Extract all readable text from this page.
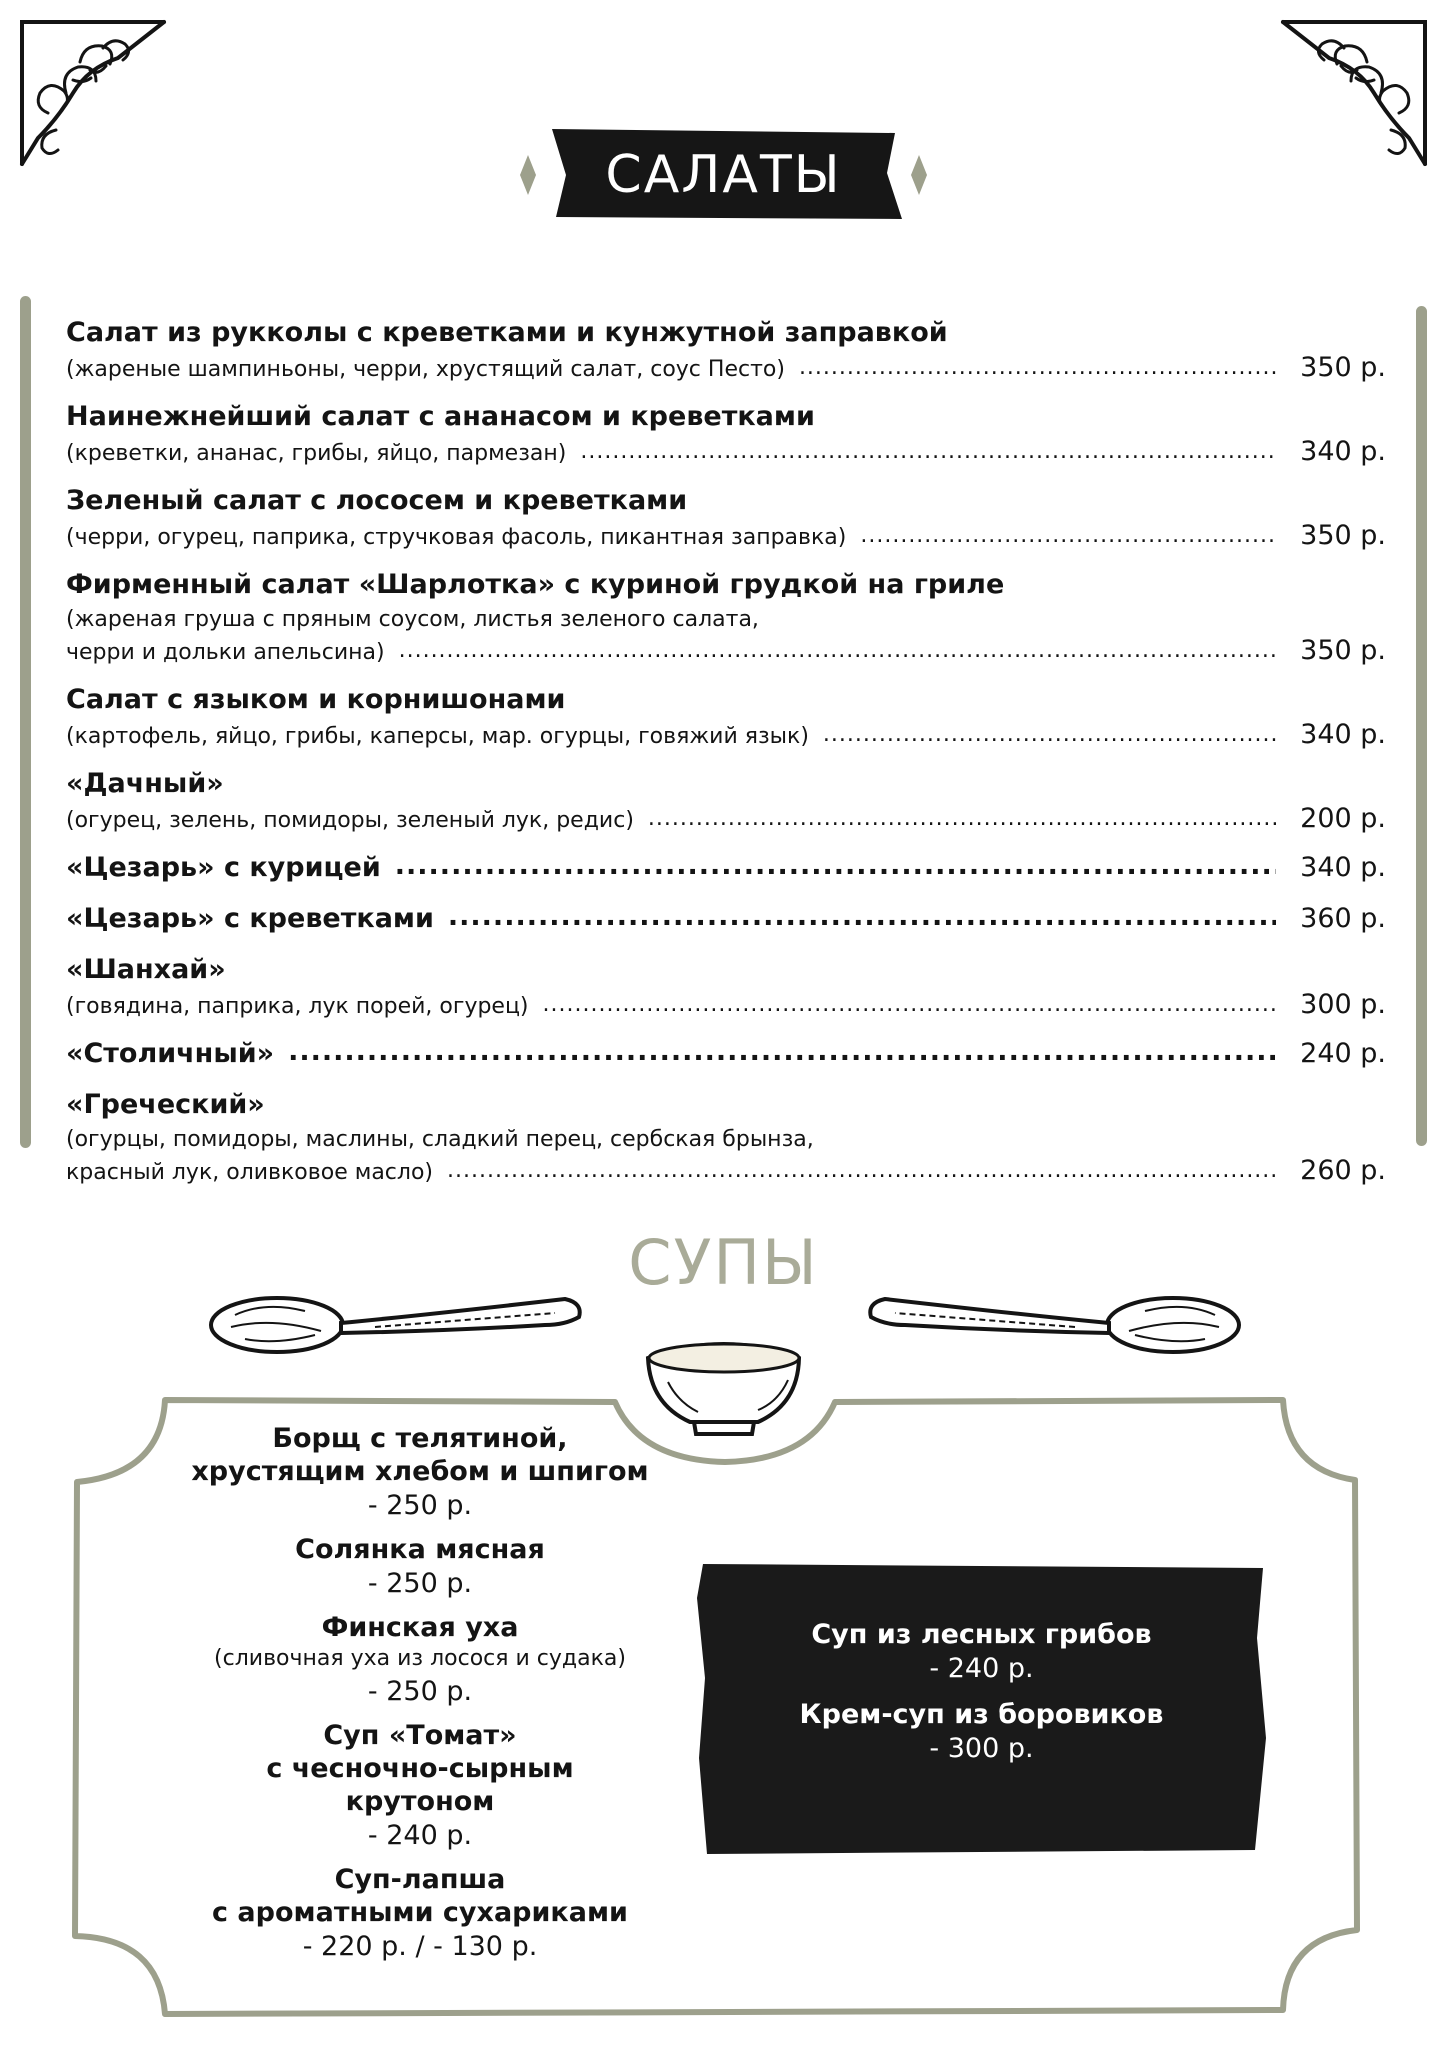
САЛАТЫ
Салат из рукколы с креветками и кунжутной заправкой
(жареные шампиньоны, черри, хрустящий салат, соус Песто) .....	350 р.
Наинежнейший салат с ананасом и креветками
(креветки, ананас, грибы, яйцо, пармезан) .....	340 р.
Зеленый салат с лососем и креветками
(черри, огурец, паприка, стручковая фасоль, пикантная заправка) .....	350 р.
Фирменный салат «Шарлотка» с куриной грудкой на гриле
(жареная груша с пряным соусом, листья зеленого салата,
черри и дольки апельсина) .....	350 р.
Салат с языком и корнишонами
(картофель, яйцо, грибы, каперсы, мар. огурцы, говяжий язык) .....	340 р.
«Дачный»
(огурец, зелень, помидоры, зеленый лук, редис) .....	200 р.
«Цезарь» с курицей .....	340 р.
«Цезарь» с креветками .....	360 р.
«Шанхай»
(говядина, паприка, лук порей, огурец) .....	300 р.
«Столичный» .....	240 р.
«Греческий»
(огурцы, помидоры, маслины, сладкий перец, сербская брынза,
красный лук, оливковое масло) .....	260 р.
СУПЫ
Борщ с телятиной,
хрустящим хлебом и шпигом
- 250 р.
Солянка мясная
- 250 р.
Финская уха
(сливочная уха из лосося и судака)
- 250 р.
Суп «Томат»
с чесночно-сырным крутоном
- 240 р.
Суп-лапша
с ароматными сухариками
- 220 р. / - 130 р.
Суп из лесных грибов
- 240 р.
Крем-суп из боровиков
- 300 р.
